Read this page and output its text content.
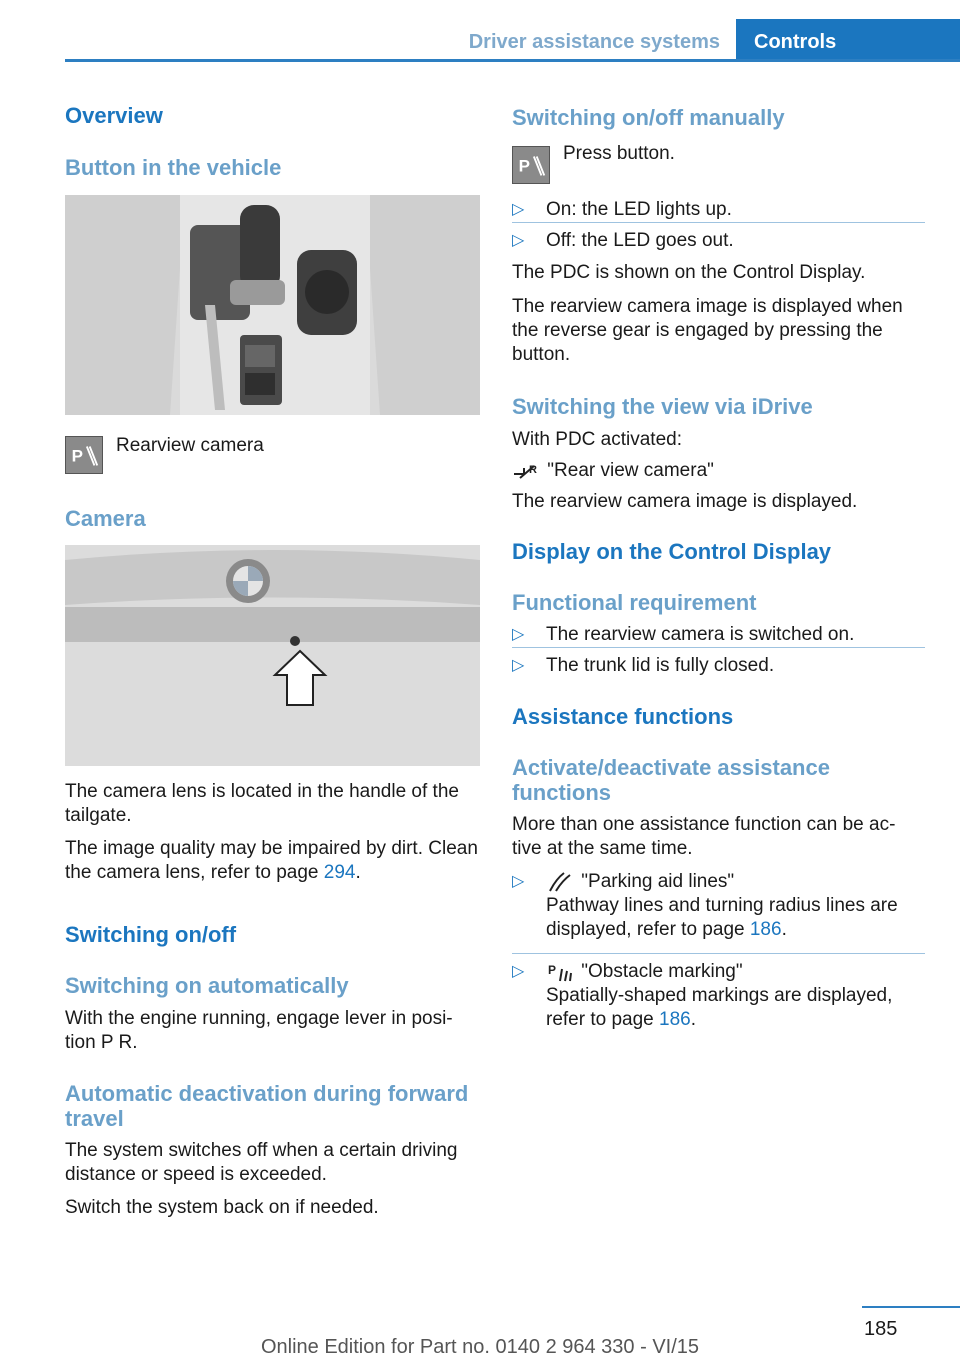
Driver assistance systems Controls
Overview
Button in the vehicle
P
Rearview camera
Camera
The camera lens is located in the handle of the tailgate.
The image quality may be impaired by dirt. Clean the camera lens, refer to page 294.
Switching on/off
Switching on automatically
With the engine running, engage lever in posi‐ tion P R.
Automatic deactivation during forward travel
The system switches off when a certain driving distance or speed is exceeded.
Switch the system back on if needed.
Switching on/off manually
P
Press button.
▷ On: the LED lights up.
▷ Off: the LED goes out.
The PDC is shown on the Control Display.
The rearview camera image is displayed when the reverse gear is engaged by pressing the button.
Switching the view via iDrive
With PDC activated:
R "Rear view camera"
The rearview camera image is displayed.
Display on the Control Display
Functional requirement
▷ The rearview camera is switched on.
▷ The trunk lid is fully closed.
Assistance functions
Activate/deactivate assistance functions
More than one assistance function can be ac‐ tive at the same time.
▷	"Parking aid lines"
Pathway lines and turning radius lines are displayed, refer to page 186.
▷ P "Obstacle marking"
Spatially-shaped markings are displayed, refer to page 186.
185
Online Edition for Part no. 0140 2 964 330 - VI/15
